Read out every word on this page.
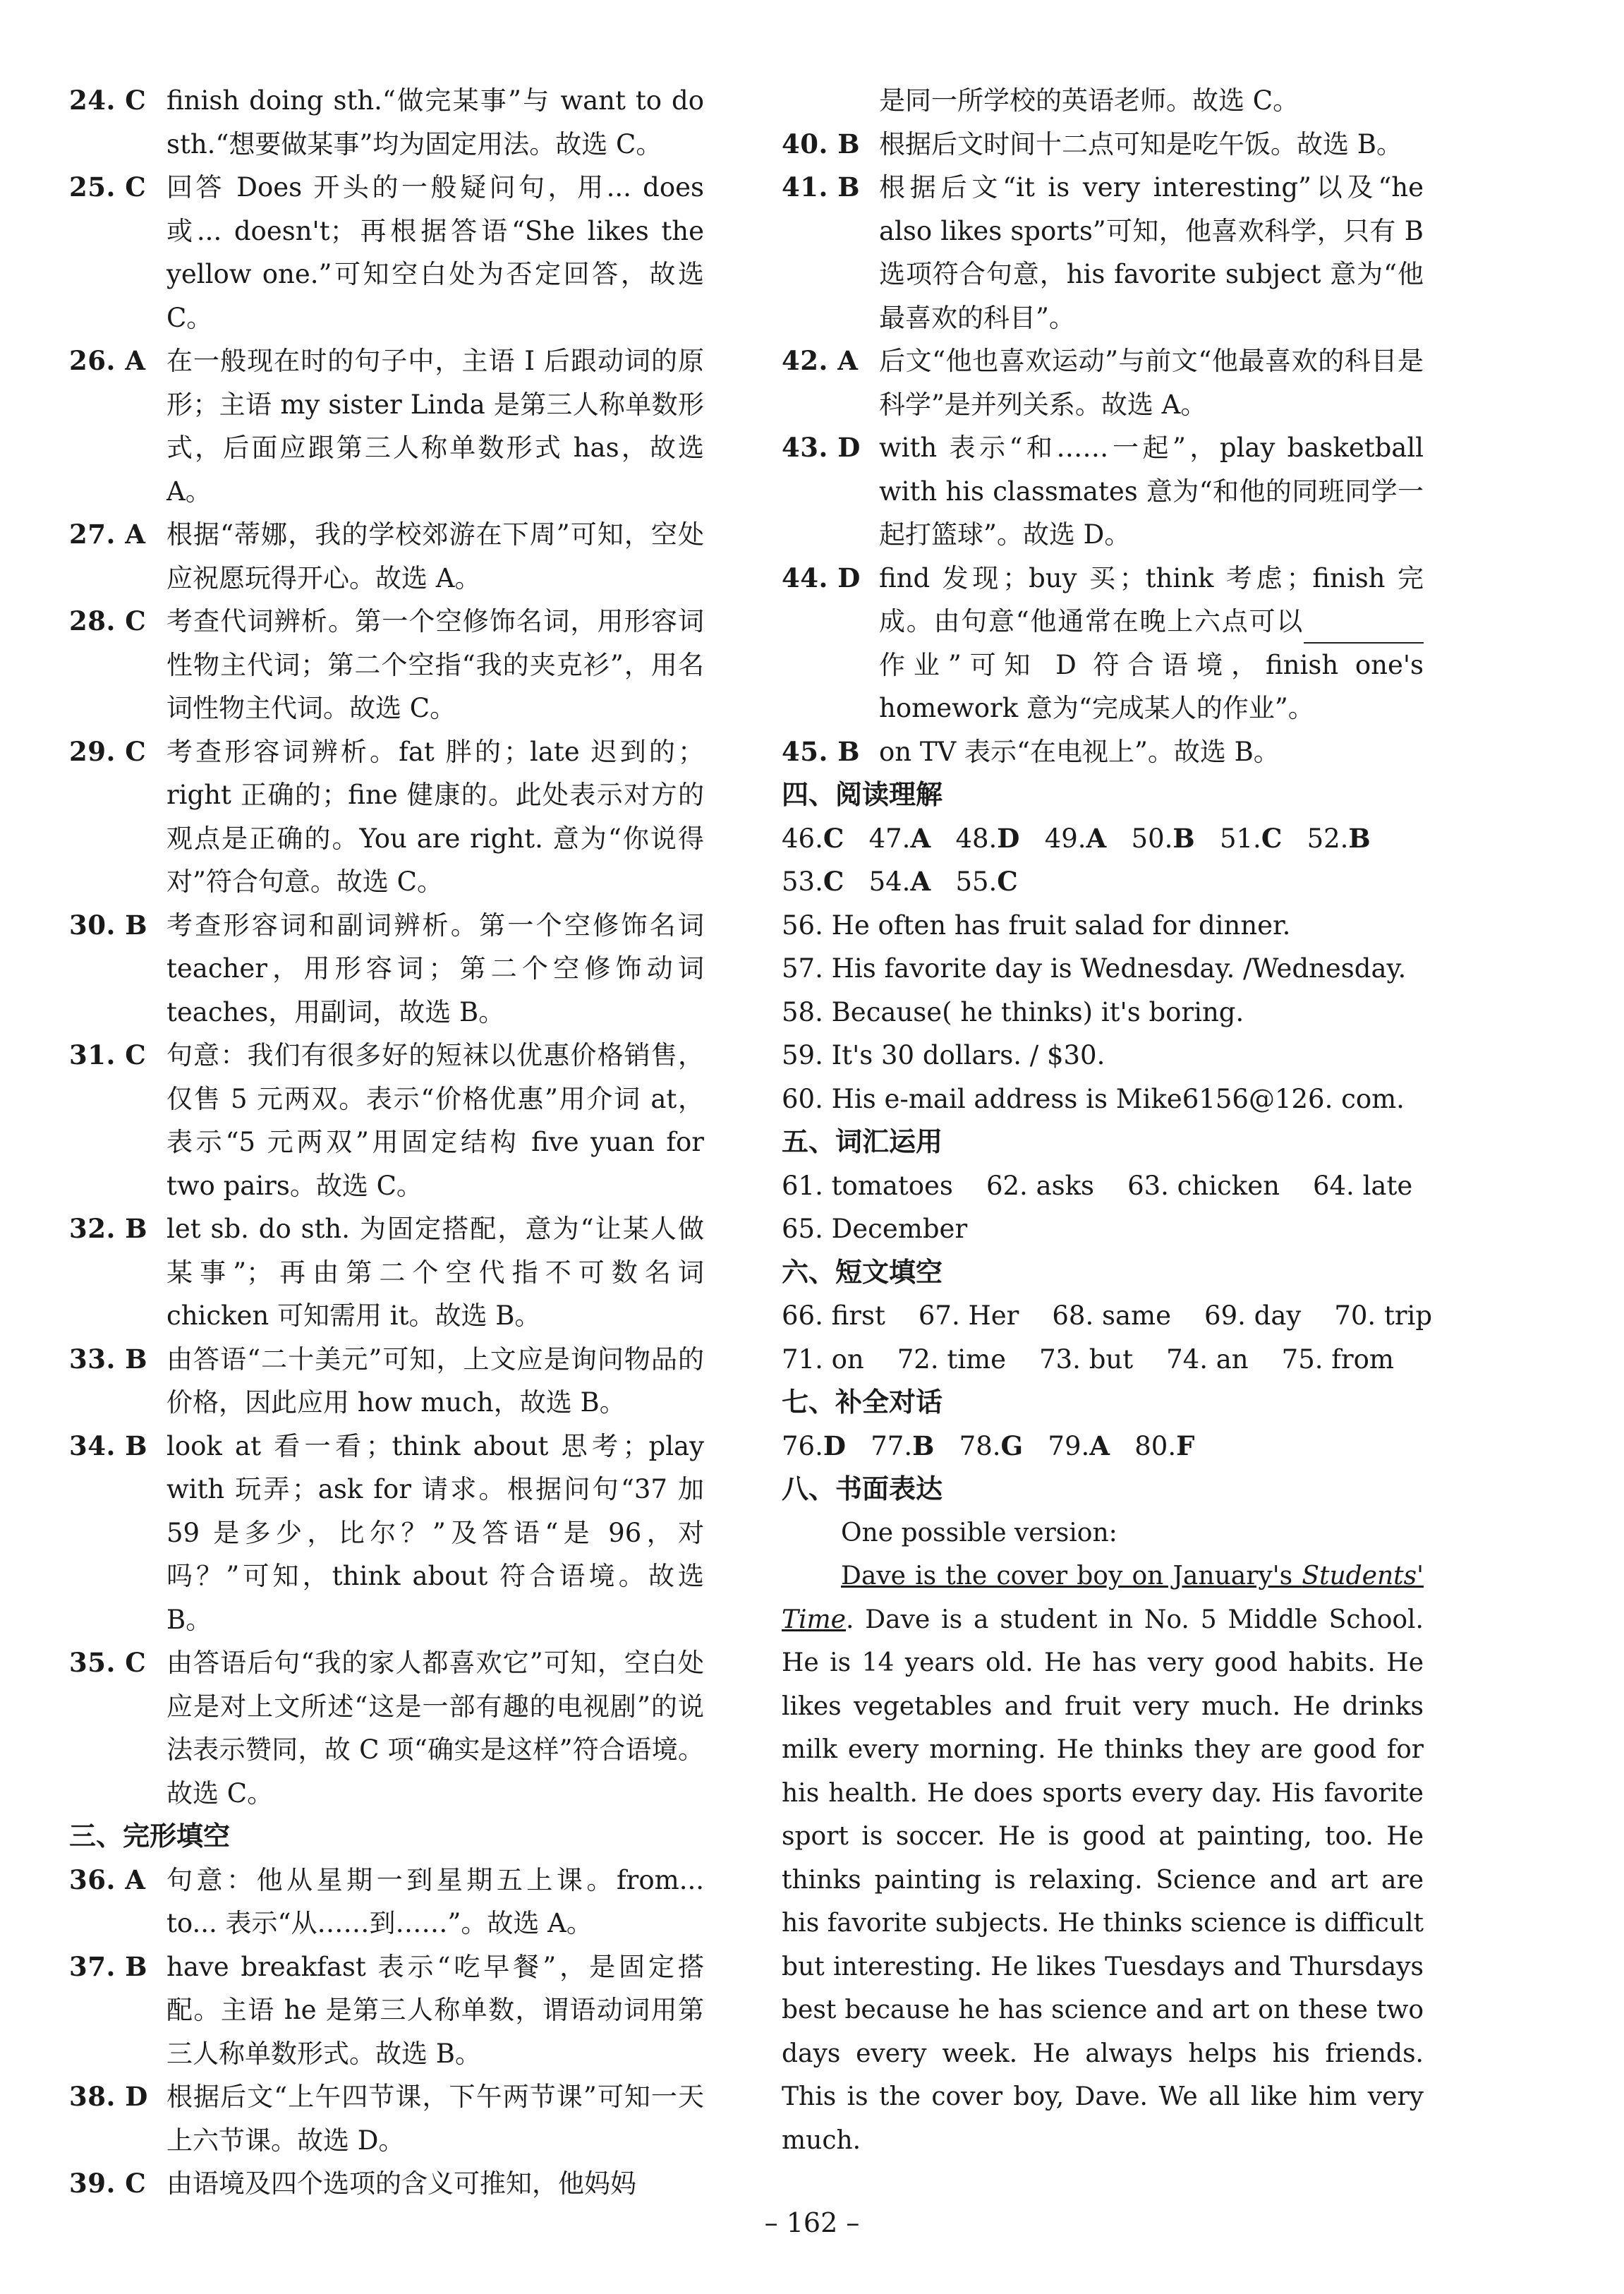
24. C finish doing sth.“做完某事”与 want to do sth.“想要做某事”均为固定用法。故选 C。
25. C 回答 Does 开头的一般疑问句，用... does 或... doesn't；再根据答语“She likes the yellow one.”可知空白处为否定回答，故选 C。
26. A 在一般现在时的句子中，主语 I 后跟动词的原形；主语 my sister Linda 是第三人称单数形式，后面应跟第三人称单数形式 has，故选 A。
27. A 根据“蒂娜，我的学校郊游在下周”可知，空处应祝愿玩得开心。故选 A。
28. C 考查代词辨析。第一个空修饰名词，用形容词性物主代词；第二个空指“我的夹克衫”，用名词性物主代词。故选 C。
29. C 考查形容词辨析。fat 胖的；late 迟到的；right 正确的；fine 健康的。此处表示对方的观点是正确的。You are right. 意为“你说得对”符合句意。故选 C。
30. B 考查形容词和副词辨析。第一个空修饰名词 teacher，用形容词；第二个空修饰动词 teaches，用副词，故选 B。
31. C 句意：我们有很多好的短袜以优惠价格销售，仅售 5 元两双。表示“价格优惠”用介词 at，表示“5 元两双”用固定结构 five yuan for two pairs。故选 C。
32. B let sb. do sth. 为固定搭配，意为“让某人做某事”；再由第二个空代指不可数名词 chicken 可知需用 it。故选 B。
33. B 由答语“二十美元”可知，上文应是询问物品的价格，因此应用 how much，故选 B。
34. B look at 看一看；think about 思考；play with 玩弄；ask for 请求。根据问句“37 加 59 是多少，比尔？”及答语“是 96，对吗？”可知，think about 符合语境。故选 B。
35. C 由答语后句“我的家人都喜欢它”可知，空白处应是对上文所述“这是一部有趣的电视剧”的说法表示赞同，故 C 项“确实是这样”符合语境。故选 C。
三、完形填空
36. A 句意：他从星期一到星期五上课。from... to... 表示“从……到……”。故选 A。
37. B have breakfast 表示“吃早餐”，是固定搭配。主语 he 是第三人称单数，谓语动词用第三人称单数形式。故选 B。
38. D 根据后文“上午四节课，下午两节课”可知一天上六节课。故选 D。
39. C 由语境及四个选项的含义可推知，他妈妈
是同一所学校的英语老师。故选 C。
40. B 根据后文时间十二点可知是吃午饭。故选 B。
41. B 根据后文“it is very interesting”以及“he also likes sports”可知，他喜欢科学，只有 B 选项符合句意，his favorite subject 意为“他最喜欢的科目”。
42. A 后文“他也喜欢运动”与前文“他最喜欢的科目是科学”是并列关系。故选 A。
43. D with 表示“和……一起”，play basketball with his classmates 意为“和他的同班同学一起打篮球”。故选 D。
44. D find 发现；buy 买；think 考虑；finish 完成。由句意“他通常在晚上六点可以作业”可知 D 符合语境，finish one's homework 意为“完成某人的作业”。
45. B on TV 表示“在电视上”。故选 B。
四、阅读理解
46.C 47.A 48.D 49.A 50.B 51.C 52.B
53.C 54.A 55.C
56. He often has fruit salad for dinner.
57. His favorite day is Wednesday. /Wednesday.
58. Because( he thinks) it's boring.
59. It's 30 dollars. / $30.
60. His e-mail address is Mike6156@126. com.
五、词汇运用
61. tomatoes    62. asks    63. chicken    64. late
65. December
六、短文填空
66. first    67. Her    68. same    69. day    70. trip
71. on    72. time    73. but    74. an    75. from
七、补全对话
76.D 77.B 78.G 79.A 80.F
八、书面表达
One possible version:
Dave is the cover boy on January's Students' Time. Dave is a student in No. 5 Middle School. He is 14 years old. He has very good habits. He likes vegetables and fruit very much. He drinks milk every morning. He thinks they are good for his health. He does sports every day. His favorite sport is soccer. He is good at painting, too. He thinks painting is relaxing. Science and art are his favorite subjects. He thinks science is difficult but interesting. He likes Tuesdays and Thursdays best because he has science and art on these two days every week. He always helps his friends. This is the cover boy, Dave. We all like him very much.
– 162 –
